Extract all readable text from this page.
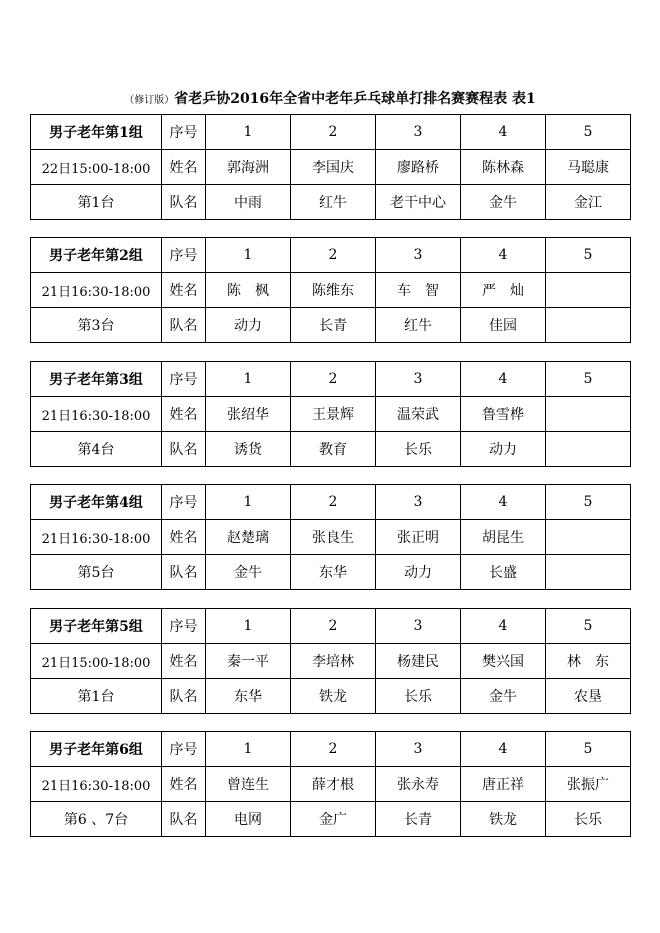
（修订版）省老乒协2016年全省中老年乒乓球单打排名赛赛程表 表1
男子老年第1组	序号	1	2	3	4	5
22日15:00-18:00	姓名	郭海洲	李国庆	廖路桥	陈林森	马聪康
第1台	队名	中雨	红牛	老干中心	金牛	金江
男子老年第2组	序号	1	2	3	4	5
21日16:30-18:00	姓名	陈　枫	陈维东	车　智	严　灿	
第3台	队名	动力	长青	红牛	佳园	
男子老年第3组	序号	1	2	3	4	5
21日16:30-18:00	姓名	张绍华	王景辉	温荣武	鲁雪桦	
第4台	队名	诱货	教育	长乐	动力	
男子老年第4组	序号	1	2	3	4	5
21日16:30-18:00	姓名	赵楚璃	张良生	张正明	胡昆生	
第5台	队名	金牛	东华	动力	长盛	
男子老年第5组	序号	1	2	3	4	5
21日15:00-18:00	姓名	秦一平	李培林	杨建民	樊兴国	林　东
第1台	队名	东华	铁龙	长乐	金牛	农垦
男子老年第6组	序号	1	2	3	4	5
21日16:30-18:00	姓名	曾连生	薛才根	张永寿	唐正祥	张振广
第6 、7台	队名	电网	金广	长青	铁龙	长乐
